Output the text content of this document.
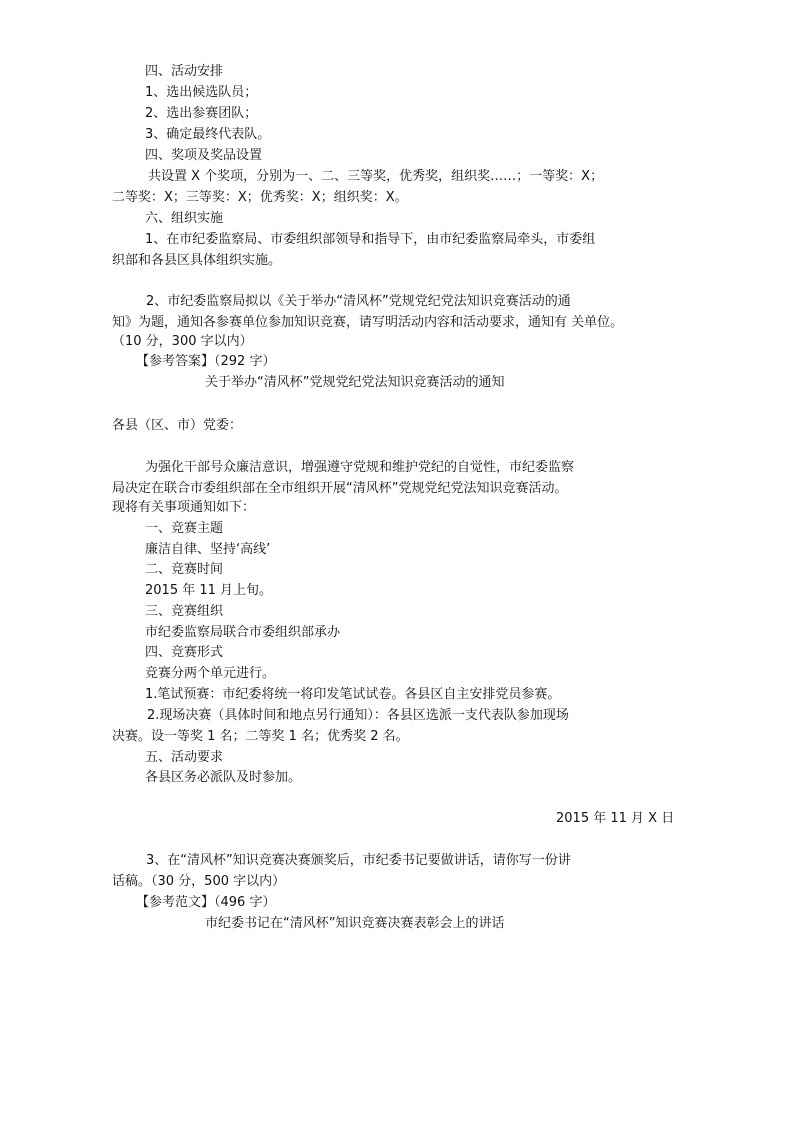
四、活动安排
1、选出候选队员；
2、选出参赛团队；
3、确定最终代表队。
四、奖项及奖品设置
共设置 X 个奖项，分别为一、二、三等奖，优秀奖，组织奖……；一等奖：X；
二等奖：X；三等奖：X；优秀奖：X；组织奖：X。
六、组织实施
1、在市纪委监察局、市委组织部领导和指导下，由市纪委监察局牵头，市委组
织部和各县区具体组织实施。
2、市纪委监察局拟以《关于举办“清风杯”党规党纪党法知识竞赛活动的通
知》为题，通知各参赛单位参加知识竞赛，请写明活动内容和活动要求，通知有 关单位。
（10 分，300 字以内）
【参考答案】（292 字）
关于举办“清风杯”党规党纪党法知识竞赛活动的通知
各县（区、市）党委：
为强化干部号众廉洁意识，增强遵守党规和维护党纪的自觉性，市纪委监察
局决定在联合市委组织部在全市组织开展“清风杯”党规党纪党法知识竞赛活动。
现将有关事项通知如下：
一、竞赛主题
廉洁自律、坚持‘高线’
二、竞赛时间
2015 年 11 月上旬。
三、竞赛组织
市纪委监察局联合市委组织部承办
四、竞赛形式
竞赛分两个单元进行。
1.笔试预赛：市纪委将统一将印发笔试试卷。各县区自主安排党员参赛。
2.现场决赛（具体时间和地点另行通知）：各县区选派一支代表队参加现场
决赛。设一等奖 1 名；二等奖 1 名；优秀奖 2 名。
五、活动要求
各县区务必派队及时参加。
2015 年 11 月 X 日
3、在“清风杯”知识竞赛决赛颁奖后，市纪委书记要做讲话，请你写一份讲
话稿。（30 分，500 字以内）
【参考范文】（496 字）
市纪委书记在“清风杯”知识竞赛决赛表彰会上的讲话
